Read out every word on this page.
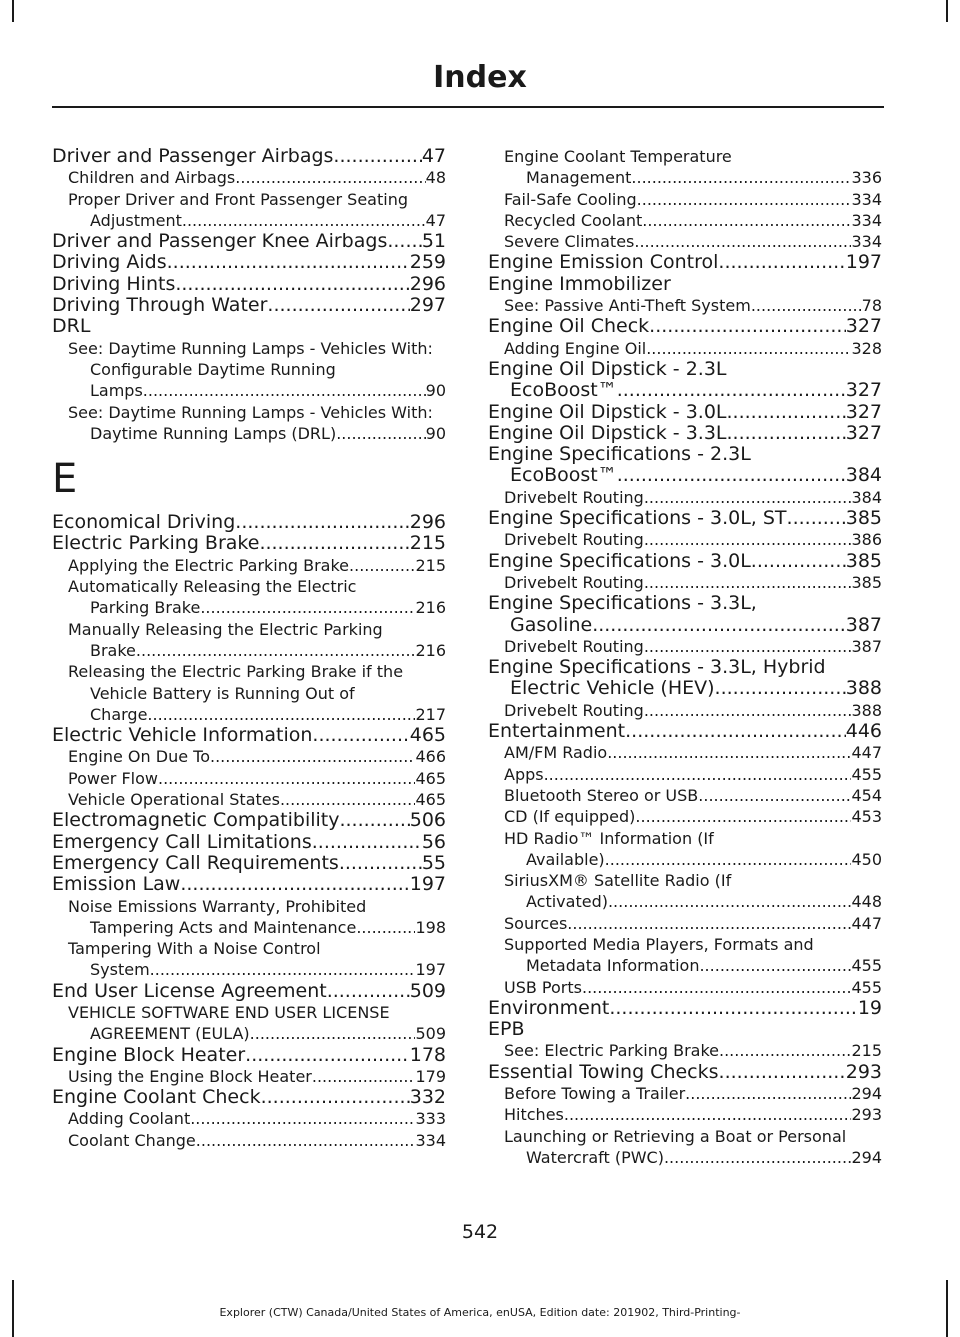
Index
Driver and Passenger Airbags .....	47
Children and Airbags .....	48
Proper Driver and Front Passenger Seating
Adjustment .....	47
Driver and Passenger Knee Airbags ..... 51
Driving Aids .....	259
Driving Hints .....	296
Driving Through Water .....	297
DRL
See: Daytime Running Lamps - Vehicles With:
Configurable Daytime Running
Lamps .....	90
See: Daytime Running Lamps - Vehicles With:
Daytime Running Lamps (DRL) .....	90
E
Economical Driving .....	296
Electric Parking Brake .....	215
Applying the Electric Parking Brake .....	215
Automatically Releasing the Electric
Parking Brake .....	216
Manually Releasing the Electric Parking
Brake .....	216
Releasing the Electric Parking Brake if the
Vehicle Battery is Running Out of
Charge .....	217
Electric Vehicle Information .....	465
Engine On Due To .....	466
Power Flow .....	465
Vehicle Operational States .....	465
Electromagnetic Compatibility .....	506
Emergency Call Limitations .....	56
Emergency Call Requirements .....	55
Emission Law .....	197
Noise Emissions Warranty, Prohibited
Tampering Acts and Maintenance .....	198
Tampering With a Noise Control
System .....	197
End User License Agreement .....	509
VEHICLE SOFTWARE END USER LICENSE
AGREEMENT (EULA) .....	509
Engine Block Heater .....	178
Using the Engine Block Heater .....	179
Engine Coolant Check .....	332
Adding Coolant .....	333
Coolant Change .....	334
Engine Coolant Temperature
Management .....	336
Fail-Safe Cooling .....	334
Recycled Coolant .....	334
Severe Climates .....	334
Engine Emission Control .....	197
Engine Immobilizer
See: Passive Anti-Theft System .....	78
Engine Oil Check .....	327
Adding Engine Oil .....	328
Engine Oil Dipstick - 2.3L
EcoBoost™ .....	327
Engine Oil Dipstick - 3.0L .....	327
Engine Oil Dipstick - 3.3L .....	327
Engine Specifications - 2.3L
EcoBoost™ .....	384
Drivebelt Routing .....	384
Engine Specifications - 3.0L, ST .....	385
Drivebelt Routing .....	386
Engine Specifications - 3.0L .....	385
Drivebelt Routing .....	385
Engine Specifications - 3.3L,
Gasoline .....	387
Drivebelt Routing .....	387
Engine Specifications - 3.3L, Hybrid
Electric Vehicle (HEV) .....	388
Drivebelt Routing .....	388
Entertainment .....	446
AM/FM Radio .....	447
Apps .....	455
Bluetooth Stereo or USB .....	454
CD (If equipped) .....	453
HD Radio™ Information (If
Available) .....	450
SiriusXM® Satellite Radio (If
Activated) .....	448
Sources .....	447
Supported Media Players, Formats and
Metadata Information .....	455
USB Ports .....	455
Environment .....	19
EPB
See: Electric Parking Brake .....	215
Essential Towing Checks .....	293
Before Towing a Trailer .....	294
Hitches .....	293
Launching or Retrieving a Boat or Personal
Watercraft (PWC) .....	294
542
Explorer (CTW) Canada/United States of America, enUSA, Edition date: 201902, Third-Printing-
